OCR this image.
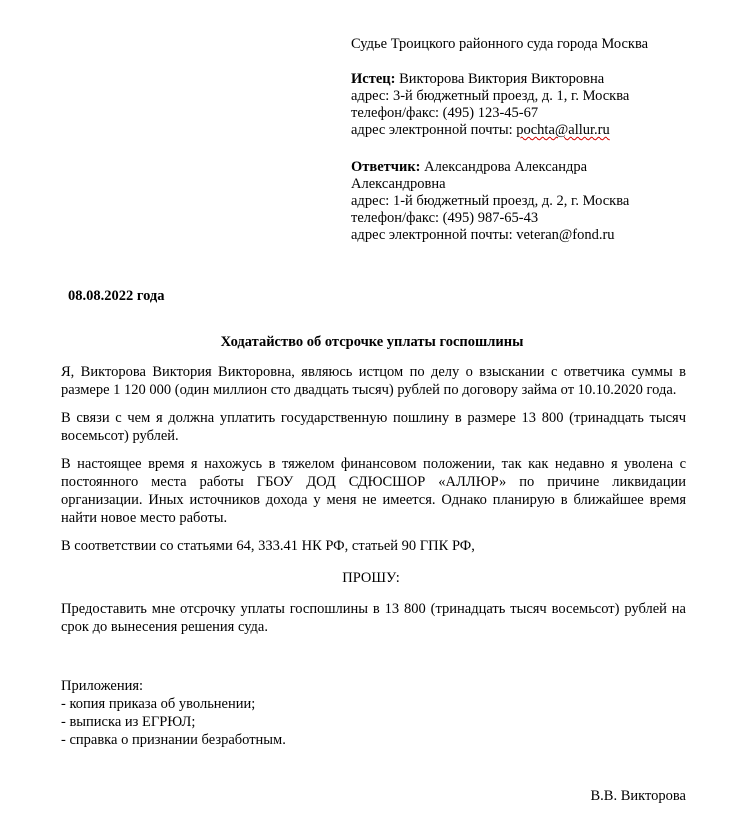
Судье Троицкого районного суда города Москва

Истец: Викторова Виктория Викторовна

адрес: 3-й бюджетный проезд, д. 1, г. Москва

телефон/факс: (495) 123-45-67

адрес электронной почты: pochta@allur.ru

Ответчик: Александрова Александра

Александровна

адрес: 1-й бюджетный проезд, д. 2, г. Москва

телефон/факс: (495) 987-65-43

адрес электронной почты: veteran@fond.ru

08.08.2022 года
Ходатайство об отсрочке уплаты госпошлины

Я, Викторова Виктория Викторовна, являюсь истцом по делу о взыскании с ответчика суммы в размере 1 120 000 (один миллион сто двадцать тысяч) рублей по договору займа от 10.10.2020 года.

В связи с чем я должна уплатить государственную пошлину в размере 13 800 (тринадцать тысяч восемьсот) рублей.

В настоящее время я нахожусь в тяжелом финансовом положении, так как недавно я уволена с постоянного места работы ГБОУ ДОД СДЮСШОР «АЛЛЮР» по причине ликвидации организации. Иных источников дохода у меня не имеется. Однако планирую в ближайшее время найти новое место работы.

В соответствии со статьями 64, 333.41 НК РФ, статьей 90 ГПК РФ,

ПРОШУ:
Предоставить мне отсрочку уплаты госпошлины в 13 800 (тринадцать тысяч восемьсот) рублей на срок до вынесения решения суда.
Приложения:
- копия приказа об увольнении;
- выписка из ЕГРЮЛ;
- справка о признании безработным.
В.В. Викторова
